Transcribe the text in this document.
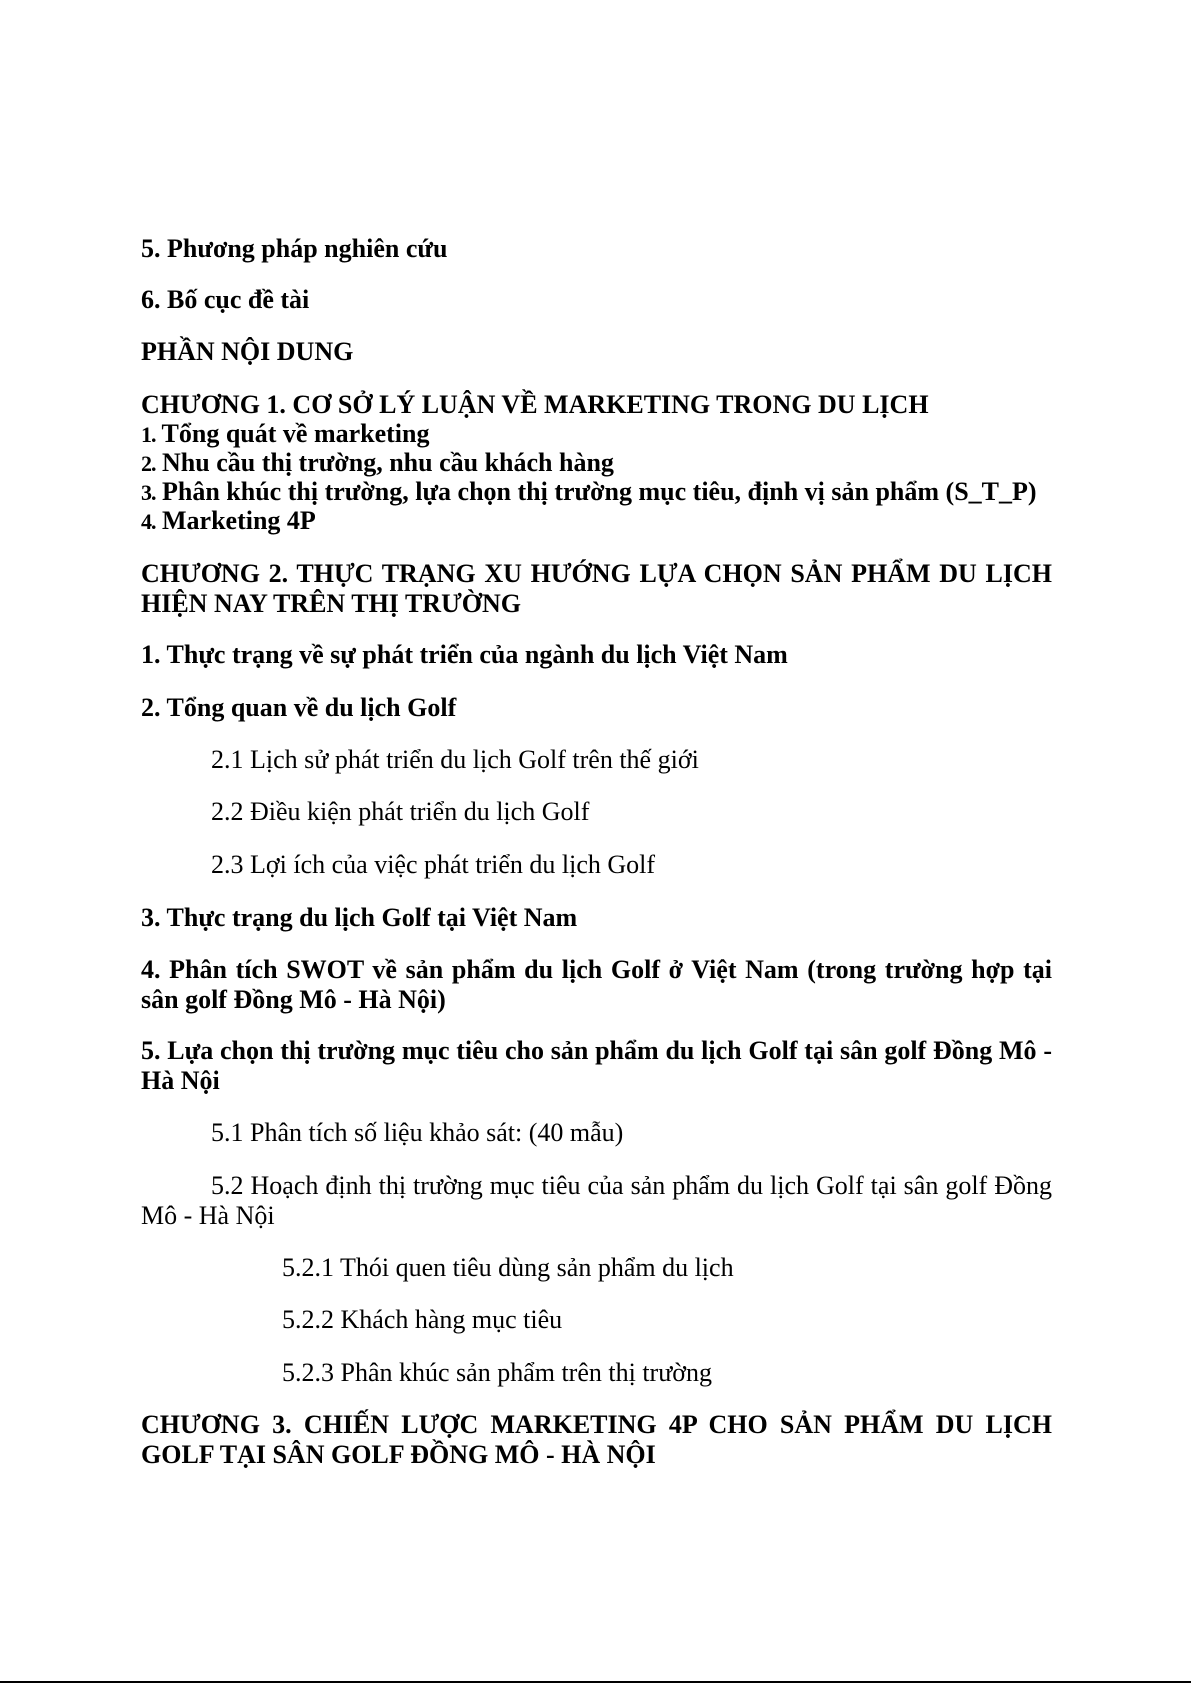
5. Phương pháp nghiên cứu
6. Bố cục đề tài
PHẦN NỘI DUNG
CHƯƠNG 1. CƠ SỞ LÝ LUẬN VỀ MARKETING TRONG DU LỊCH
1. Tổng quát về marketing
2. Nhu cầu thị trường, nhu cầu khách hàng
3. Phân khúc thị trường, lựa chọn thị trường mục tiêu, định vị sản phẩm (S_T_P)
4. Marketing 4P
CHƯƠNG 2. THỰC TRẠNG XU HƯỚNG LỰA CHỌN SẢN PHẨM DU LỊCH HIỆN NAY TRÊN THỊ TRƯỜNG
1. Thực trạng về sự phát triển của ngành du lịch Việt Nam
2. Tổng quan về du lịch Golf
2.1 Lịch sử phát triển du lịch Golf trên thế giới
2.2 Điều kiện phát triển du lịch Golf
2.3 Lợi ích của việc phát triển du lịch Golf
3. Thực trạng du lịch Golf tại Việt Nam
4. Phân tích SWOT về sản phẩm du lịch Golf ở Việt Nam (trong trường hợp tại sân golf Đồng Mô - Hà Nội)
5. Lựa chọn thị trường mục tiêu cho sản phẩm du lịch Golf tại sân golf Đồng Mô - Hà Nội
5.1 Phân tích số liệu khảo sát: (40 mẫu)
5.2 Hoạch định thị trường mục tiêu của sản phẩm du lịch Golf tại sân golf Đồng Mô - Hà Nội
5.2.1 Thói quen tiêu dùng sản phẩm du lịch
5.2.2 Khách hàng mục tiêu
5.2.3 Phân khúc sản phẩm trên thị trường
CHƯƠNG 3. CHIẾN LƯỢC MARKETING 4P CHO SẢN PHẨM DU LỊCH GOLF TẠI SÂN GOLF ĐỒNG MÔ - HÀ NỘI
